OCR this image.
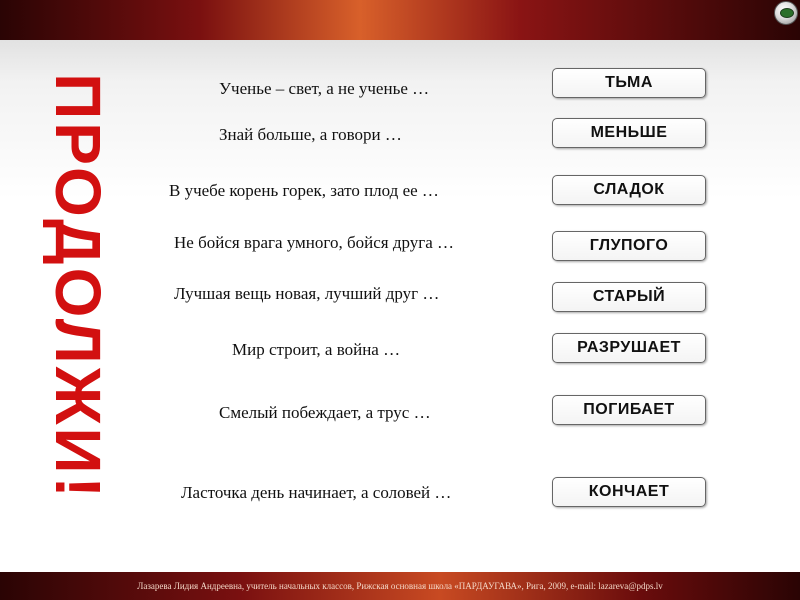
ПРОДОЛЖИ!	Ученье – свет, а не ученье …	ТЬМА
Знай больше, а говори …	МЕНЬШЕ
В учебе корень горек, зато плод ее …	СЛАДОК
Не бойся врага умного, бойся друга …	ГЛУПОГО
Лучшая вещь новая, лучший друг …	СТАРЫЙ
Мир строит, а война …	РАЗРУШАЕТ
Смелый побеждает, а трус …	ПОГИБАЕТ
Ласточка день начинает, а соловей …	КОНЧАЕТ
Лазарева Лидия Андреевна, учитель начальных классов, Рижская основная школа «ПАРДАУГАВА», Рига, 2009, e-mail: lazareva@pdps.lv
